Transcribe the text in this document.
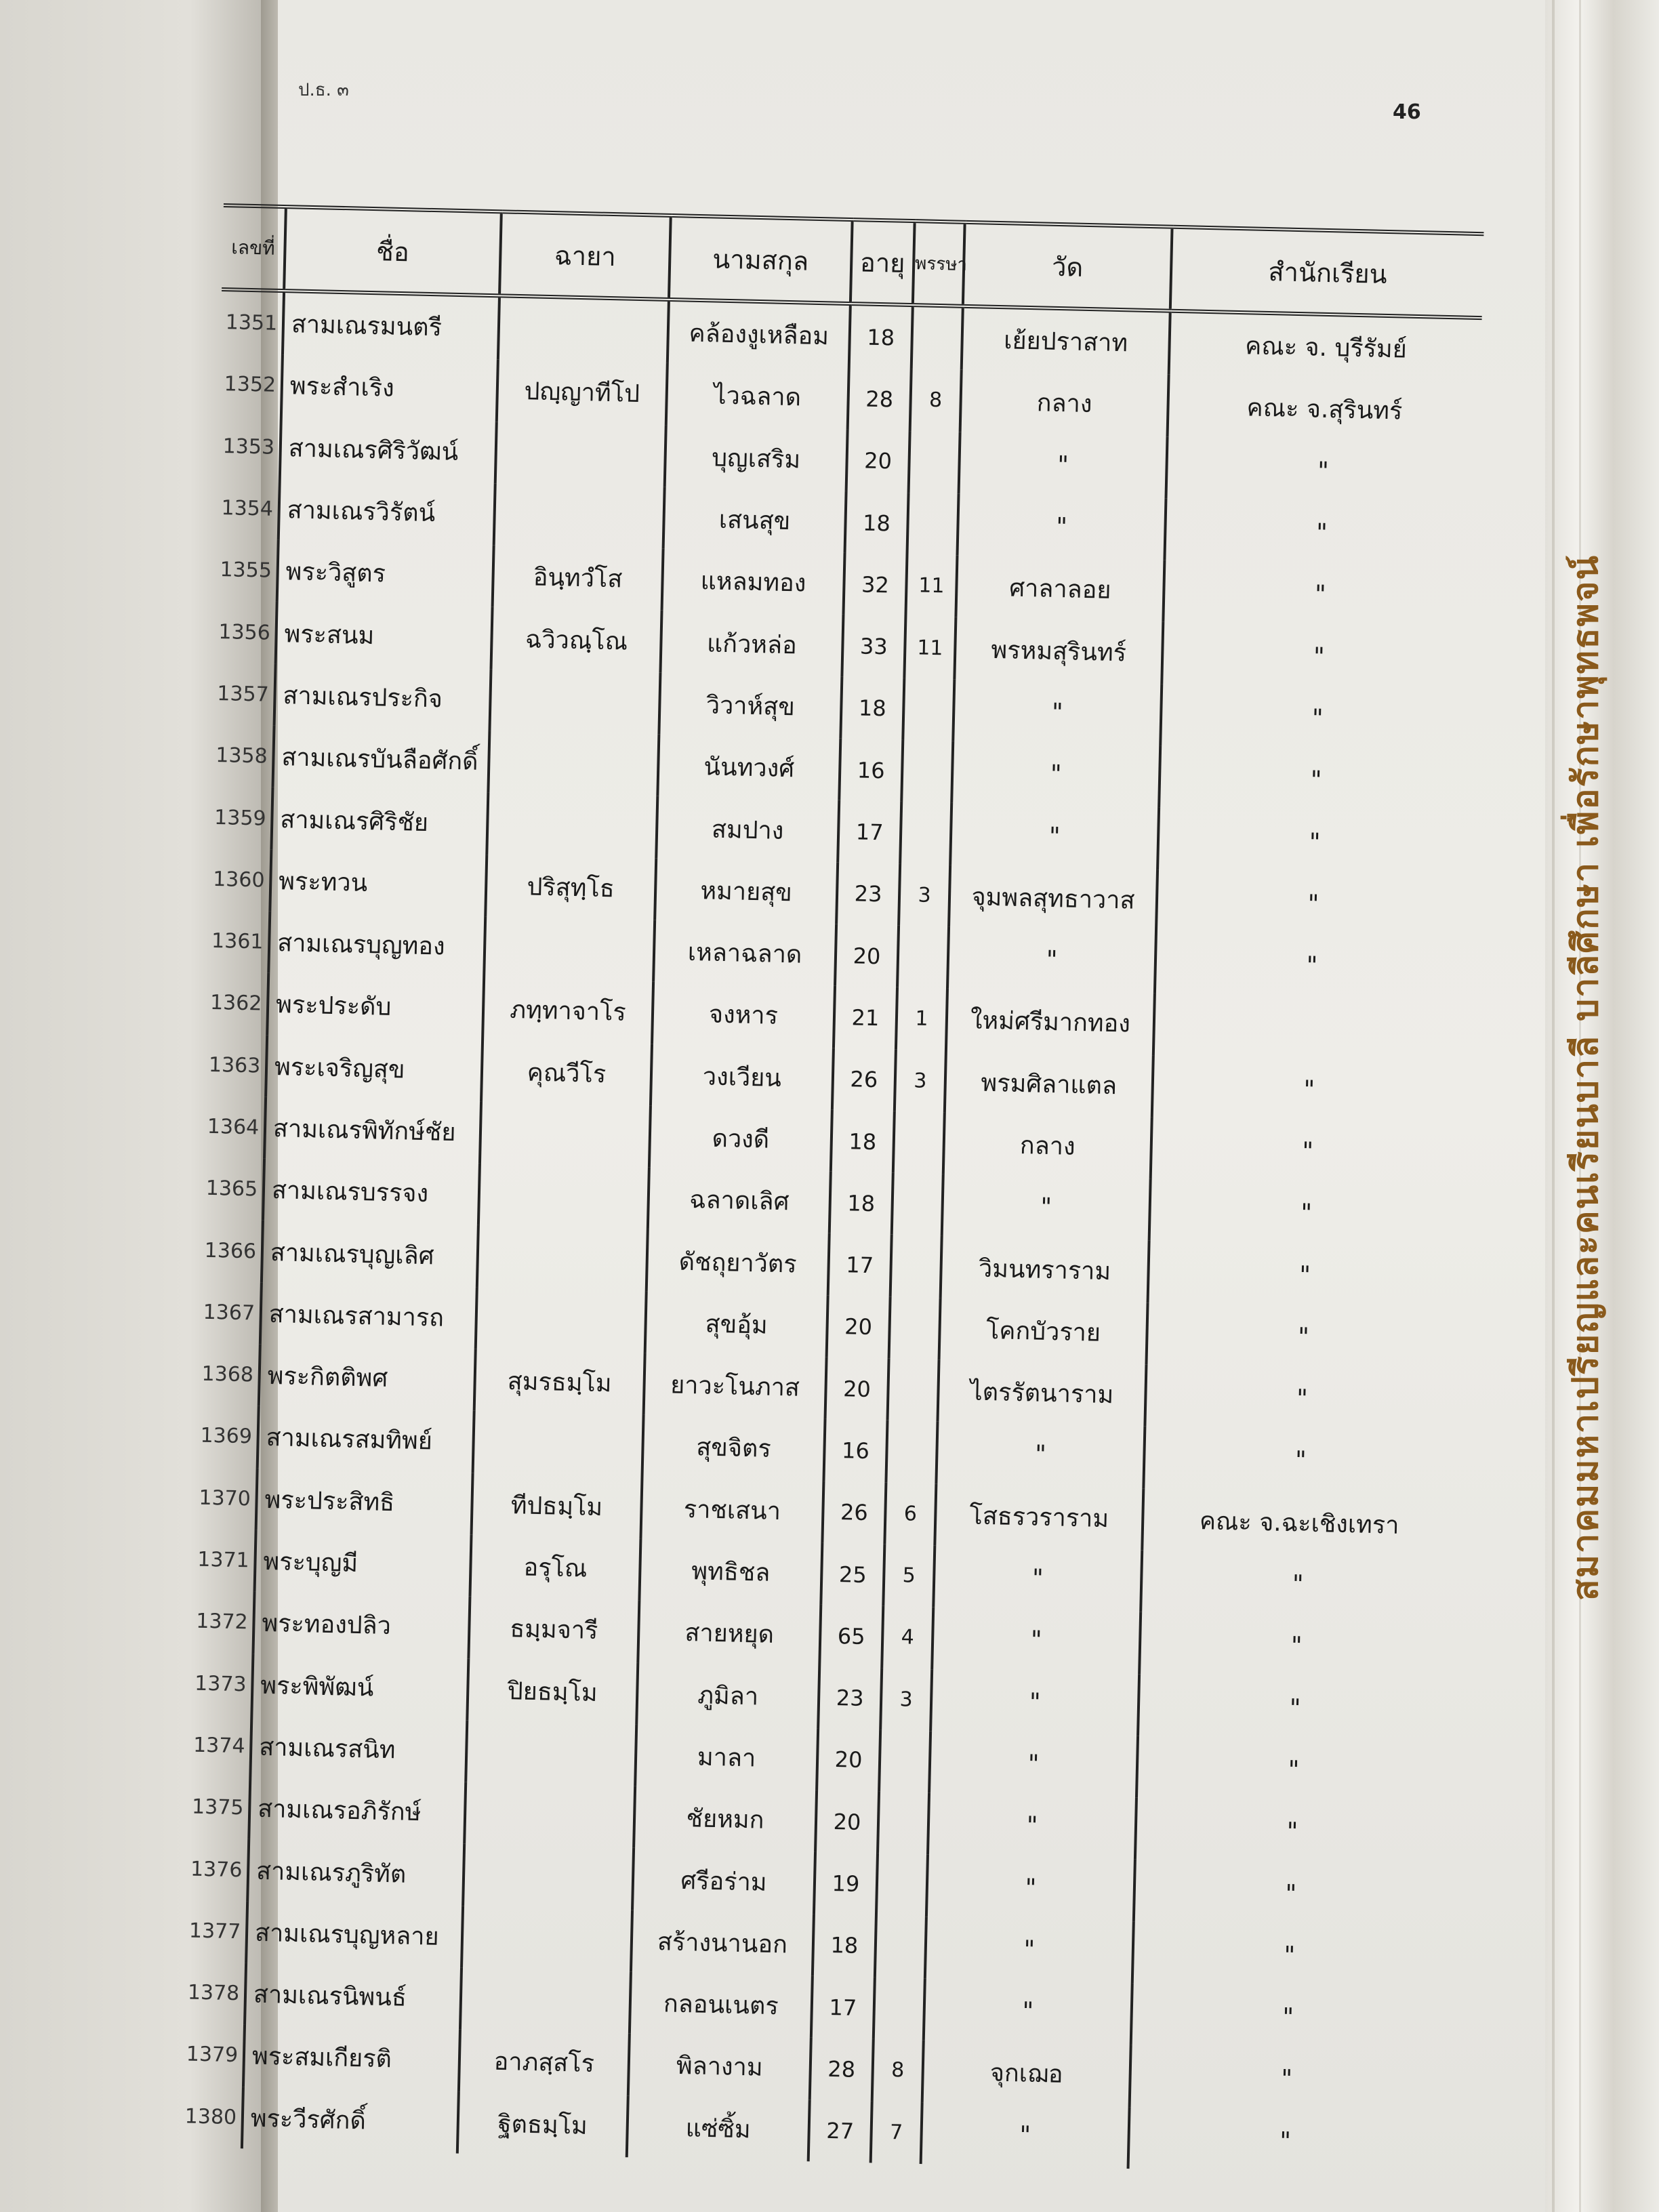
ป.ธ. ๓
46
เลขที่	ชื่อ	ฉายา	นามสกุล	อายุ	พรรษา	วัด	สำนักเรียน
1351	สามเณรมนตรี		คล้องงูเหลือม	18		เย้ยปราสาท	คณะ จ. บุรีรัมย์
1352	พระสำเริง	ปญฺญาทีโป	ไวฉลาด	28	8	กลาง	คณะ จ.สุรินทร์
1353	สามเณรศิริวัฒน์		บุญเสริม	20		"	"
1354	สามเณรวิรัตน์		เสนสุข	18		"	"
1355	พระวิสูตร	อินฺทวํโส	แหลมทอง	32	11	ศาลาลอย	"
1356	พระสนม	ฉวิวณฺโณ	แก้วหล่อ	33	11	พรหมสุรินทร์	"
1357	สามเณรประกิจ		วิวาห์สุข	18		"	"
1358	สามเณรบันลือศักดิ์		นันทวงศ์	16		"	"
1359	สามเณรศิริชัย		สมปาง	17		"	"
1360	พระทวน	ปริสุทฺโธ	หมายสุข	23	3	จุมพลสุทธาวาส	"
1361	สามเณรบุญทอง		เหลาฉลาด	20		"	"
1362	พระประดับ	ภทฺทาจาโร	จงหาร	21	1	ใหม่ศรีมากทอง	
1363	พระเจริญสุข	คุณวีโร	วงเวียน	26	3	พรมศิลาแตล	"
1364	สามเณรพิทักษ์ชัย		ดวงดี	18		กลาง	"
1365	สามเณรบรรจง		ฉลาดเลิศ	18		"	"
1366	สามเณรบุญเลิศ		ดัชถุยาวัตร	17		วิมนทราราม	"
1367	สามเณรสามารถ		สุขอุ้ม	20		โคกบัวราย	"
1368	พระกิตติพศ	สุมรธมฺโม	ยาวะโนภาส	20		ไตรรัตนาราม	"
1369	สามเณรสมทิพย์		สุขจิตร	16		"	"
1370	พระประสิทธิ	ทีปธมฺโม	ราชเสนา	26	6	โสธรวราราม	คณะ จ.ฉะเชิงเทรา
1371	พระบุญมี	อรุโณ	พุทธิชล	25	5	"	"
1372	พระทองปลิว	ธมฺมจารี	สายหยุด	65	4	"	"
1373	พระพิพัฒน์	ปิยธมฺโม	ภูมิลา	23	3	"	"
1374	สามเณรสนิท		มาลา	20		"	"
1375	สามเณรอภิรักษ์		ชัยหมก	20		"	"
1376	สามเณรภูริทัต		ศรีอร่าม	19		"	"
1377	สามเณรบุญหลาย		สร้างนานอก	18		"	"
1378	สามเณรนิพนธ์		กลอนเนตร	17		"	"
1379	พระสมเกียรติ	อาภสฺสโร	พิลางาม	28	8	จุกเฌอ	"
1380	พระวีรศักดิ์	ฐิตธมฺโม	แซ่ซิ้ม	27	7	"	"
สมาคมมหาเปรียญและคนเรียนบาลี บาลีศึกษา เพื่อรักษาพุทธพจน์
